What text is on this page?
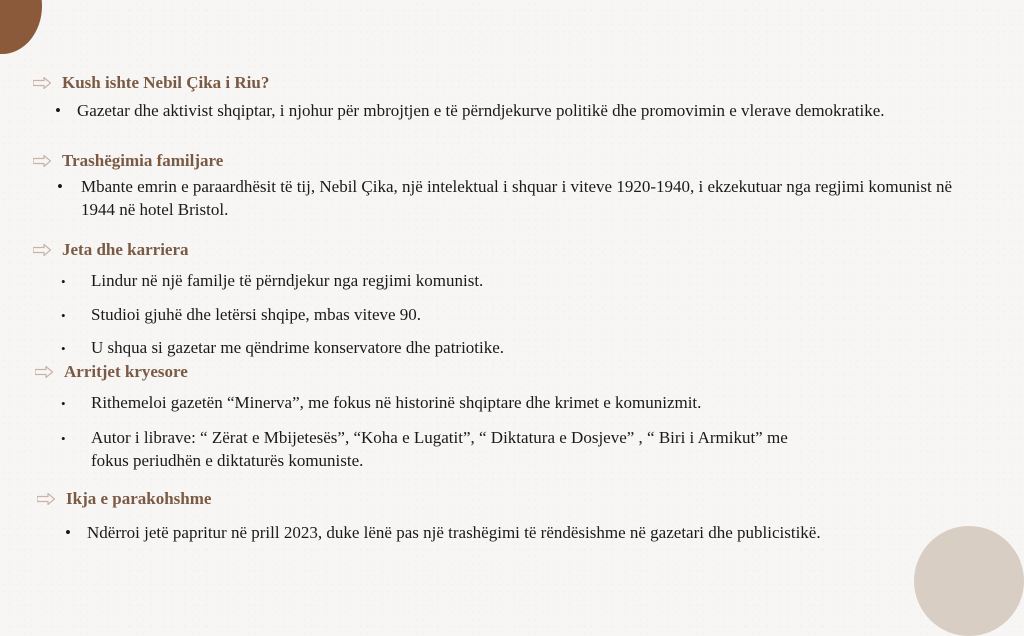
Kush ishte Nebil Çika i Riu?
• Gazetar dhe aktivist shqiptar, i njohur për mbrojtjen e të përndjekurve politikë dhe promovimin e vlerave demokratike.
Trashëgimia familjare
•	Mbante emrin e paraardhësit të tij, Nebil Çika, një intelektual i shquar i viteve 1920-1940, i ekzekutuar nga regjimi komunist në 1944 në hotel Bristol.
Jeta dhe karriera
•	Lindur në një familje të përndjekur nga regjimi komunist.
•	Studioi gjuhë dhe letërsi shqipe, mbas viteve 90.
•	U shqua si gazetar me qëndrime konservatore dhe patriotike.
Arritjet kryesore
•	Rithemeloi gazetën “Minerva”, me fokus në historinë shqiptare dhe krimet e komunizmit.
•	Autor i librave: “ Zërat e Mbijetesës”, “Koha e Lugatit”, “ Diktatura e Dosjeve” , “ Biri i Armikut” me fokus periudhën e diktaturës komuniste.
Ikja e parakohshme
• Ndërroi jetë papritur në prill 2023, duke lënë pas një trashëgimi të rëndësishme në gazetari dhe publicistikë.
